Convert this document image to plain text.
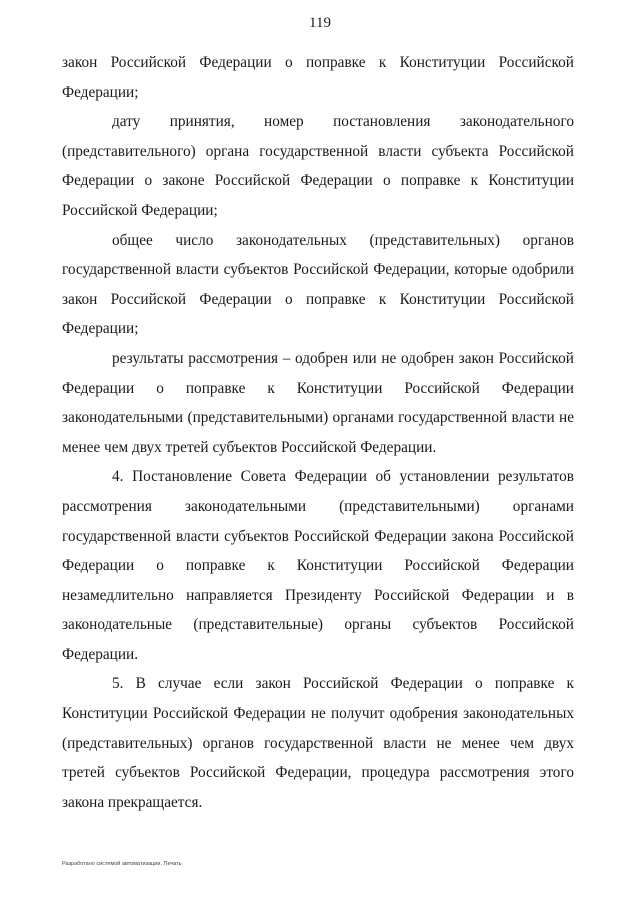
119

закон Российской Федерации о поправке к Конституции Российской Федерации;

дату принятия, номер постановления законодательного (представительного) органа государственной власти субъекта Российской Федерации о законе Российской Федерации о поправке к Конституции Российской Федерации;

общее число законодательных (представительных) органов государственной власти субъектов Российской Федерации, которые одобрили закон Российской Федерации о поправке к Конституции Российской Федерации;

результаты рассмотрения – одобрен или не одобрен закон Российской Федерации о поправке к Конституции Российской Федерации законодательными (представительными) органами государственной власти не менее чем двух третей субъектов Российской Федерации.

4. Постановление Совета Федерации об установлении результатов рассмотрения законодательными (представительными) органами государственной власти субъектов Российской Федерации закона Российской Федерации о поправке к Конституции Российской Федерации незамедлительно направляется Президенту Российской Федерации и в законодательные (представительные) органы субъектов Российской Федерации.

5. В случае если закон Российской Федерации о поправке к Конституции Российской Федерации не получит одобрения законодательных (представительных) органов государственной власти не менее чем двух третей субъектов Российской Федерации, процедура рассмотрения этого закона прекращается.

Разработано системой автоматизации. Печать
